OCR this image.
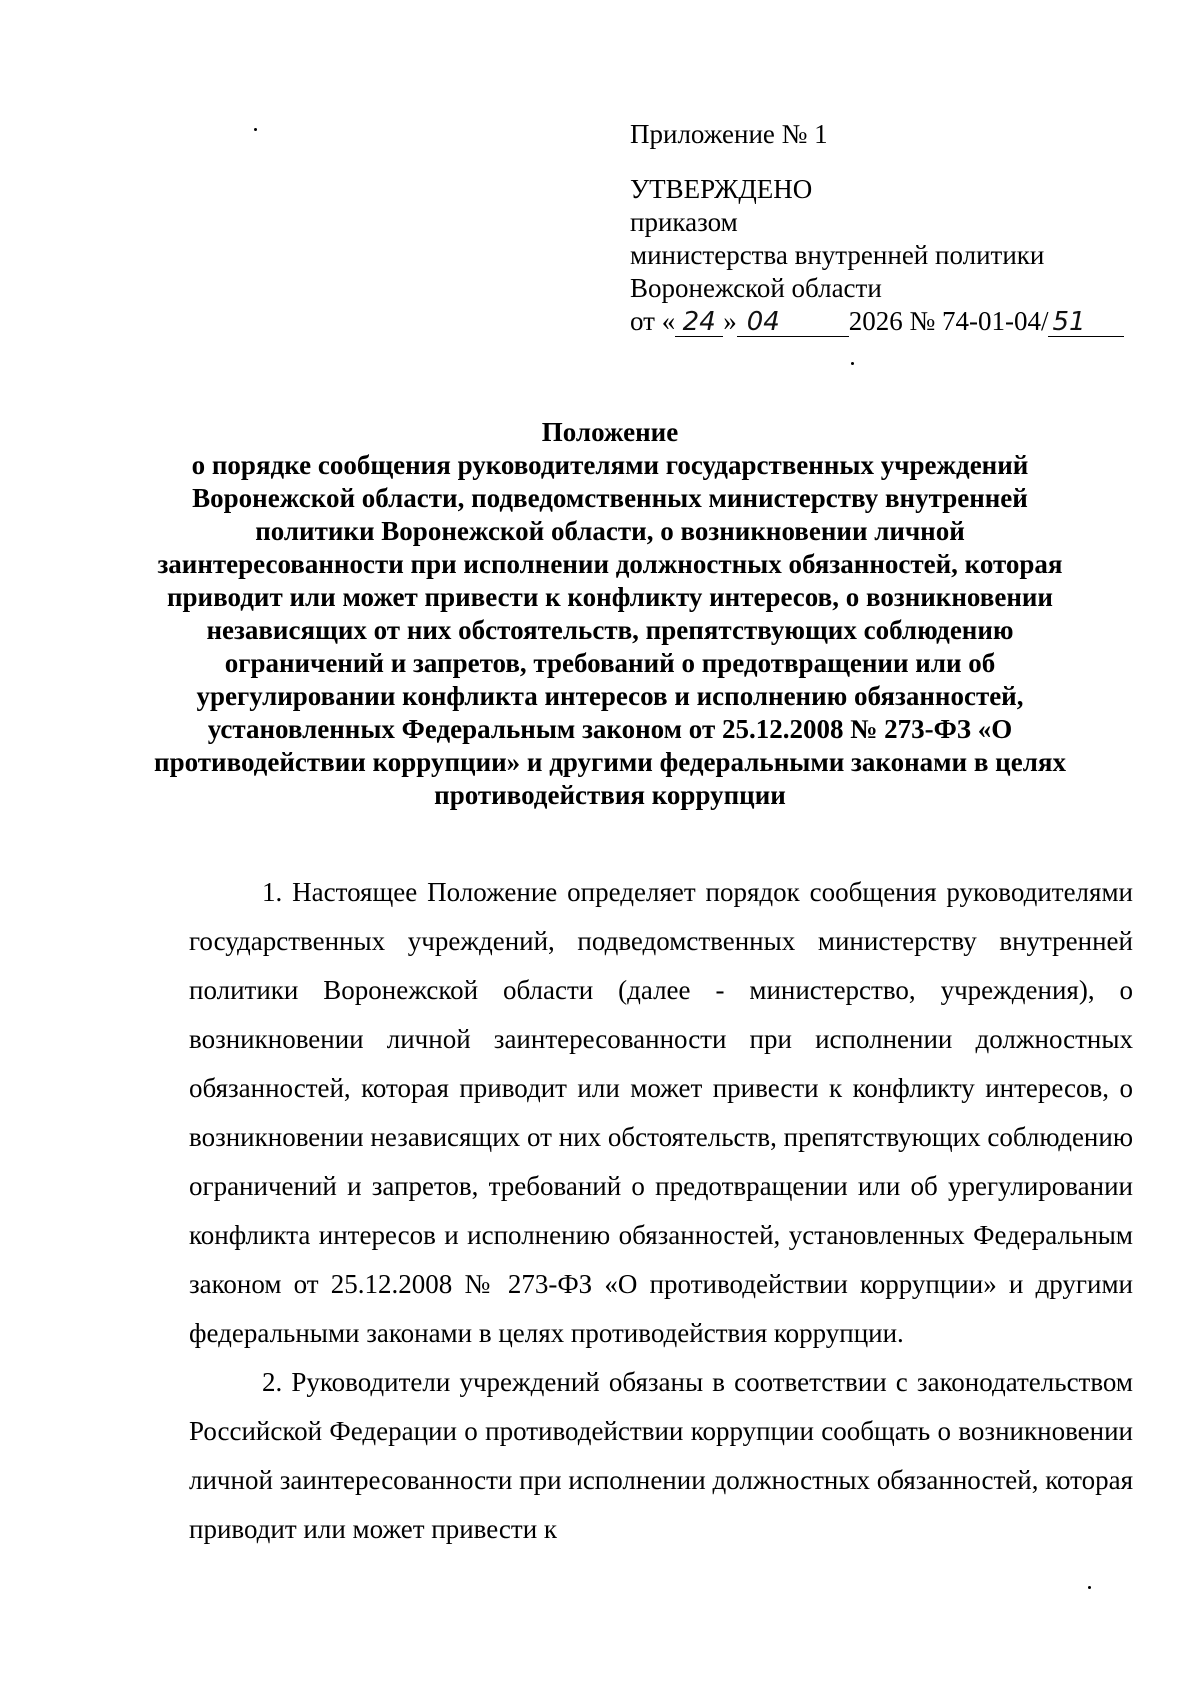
Приложение № 1
УТВЕРЖДЕНО
приказом
министерства внутренней политики
Воронежской области
от « 24 » 04	2026 № 74-01-04/ 51
Положение
о порядке сообщения руководителями государственных учреждений Воронежской области, подведомственных министерству внутренней политики Воронежской области, о возникновении личной заинтересованности при исполнении должностных обязанностей, которая приводит или может привести к конфликту интересов, о возникновении независящих от них обстоятельств, препятствующих соблюдению ограничений и запретов, требований о предотвращении или об урегулировании конфликта интересов и исполнению обязанностей, установленных Федеральным законом от 25.12.2008 № 273-ФЗ «О противодействии коррупции» и другими федеральными законами в целях противодействия коррупции

1. Настоящее Положение определяет порядок сообщения руководителями государственных учреждений, подведомственных министерству внутренней политики Воронежской области (далее - министерство, учреждения), о возникновении личной заинтересованности при исполнении должностных обязанностей, которая приводит или может привести к конфликту интересов, о возникновении независящих от них обстоятельств, препятствующих соблюдению ограничений и запретов, требований о предотвращении или об урегулировании конфликта интересов и исполнению обязанностей, установленных Федеральным законом от 25.12.2008 № 273-ФЗ «О противодействии коррупции» и другими федеральными законами в целях противодействия коррупции.

2. Руководители учреждений обязаны в соответствии с законодательством Российской Федерации о противодействии коррупции сообщать о возникновении личной заинтересованности при исполнении должностных обязанностей, которая приводит или может привести к
